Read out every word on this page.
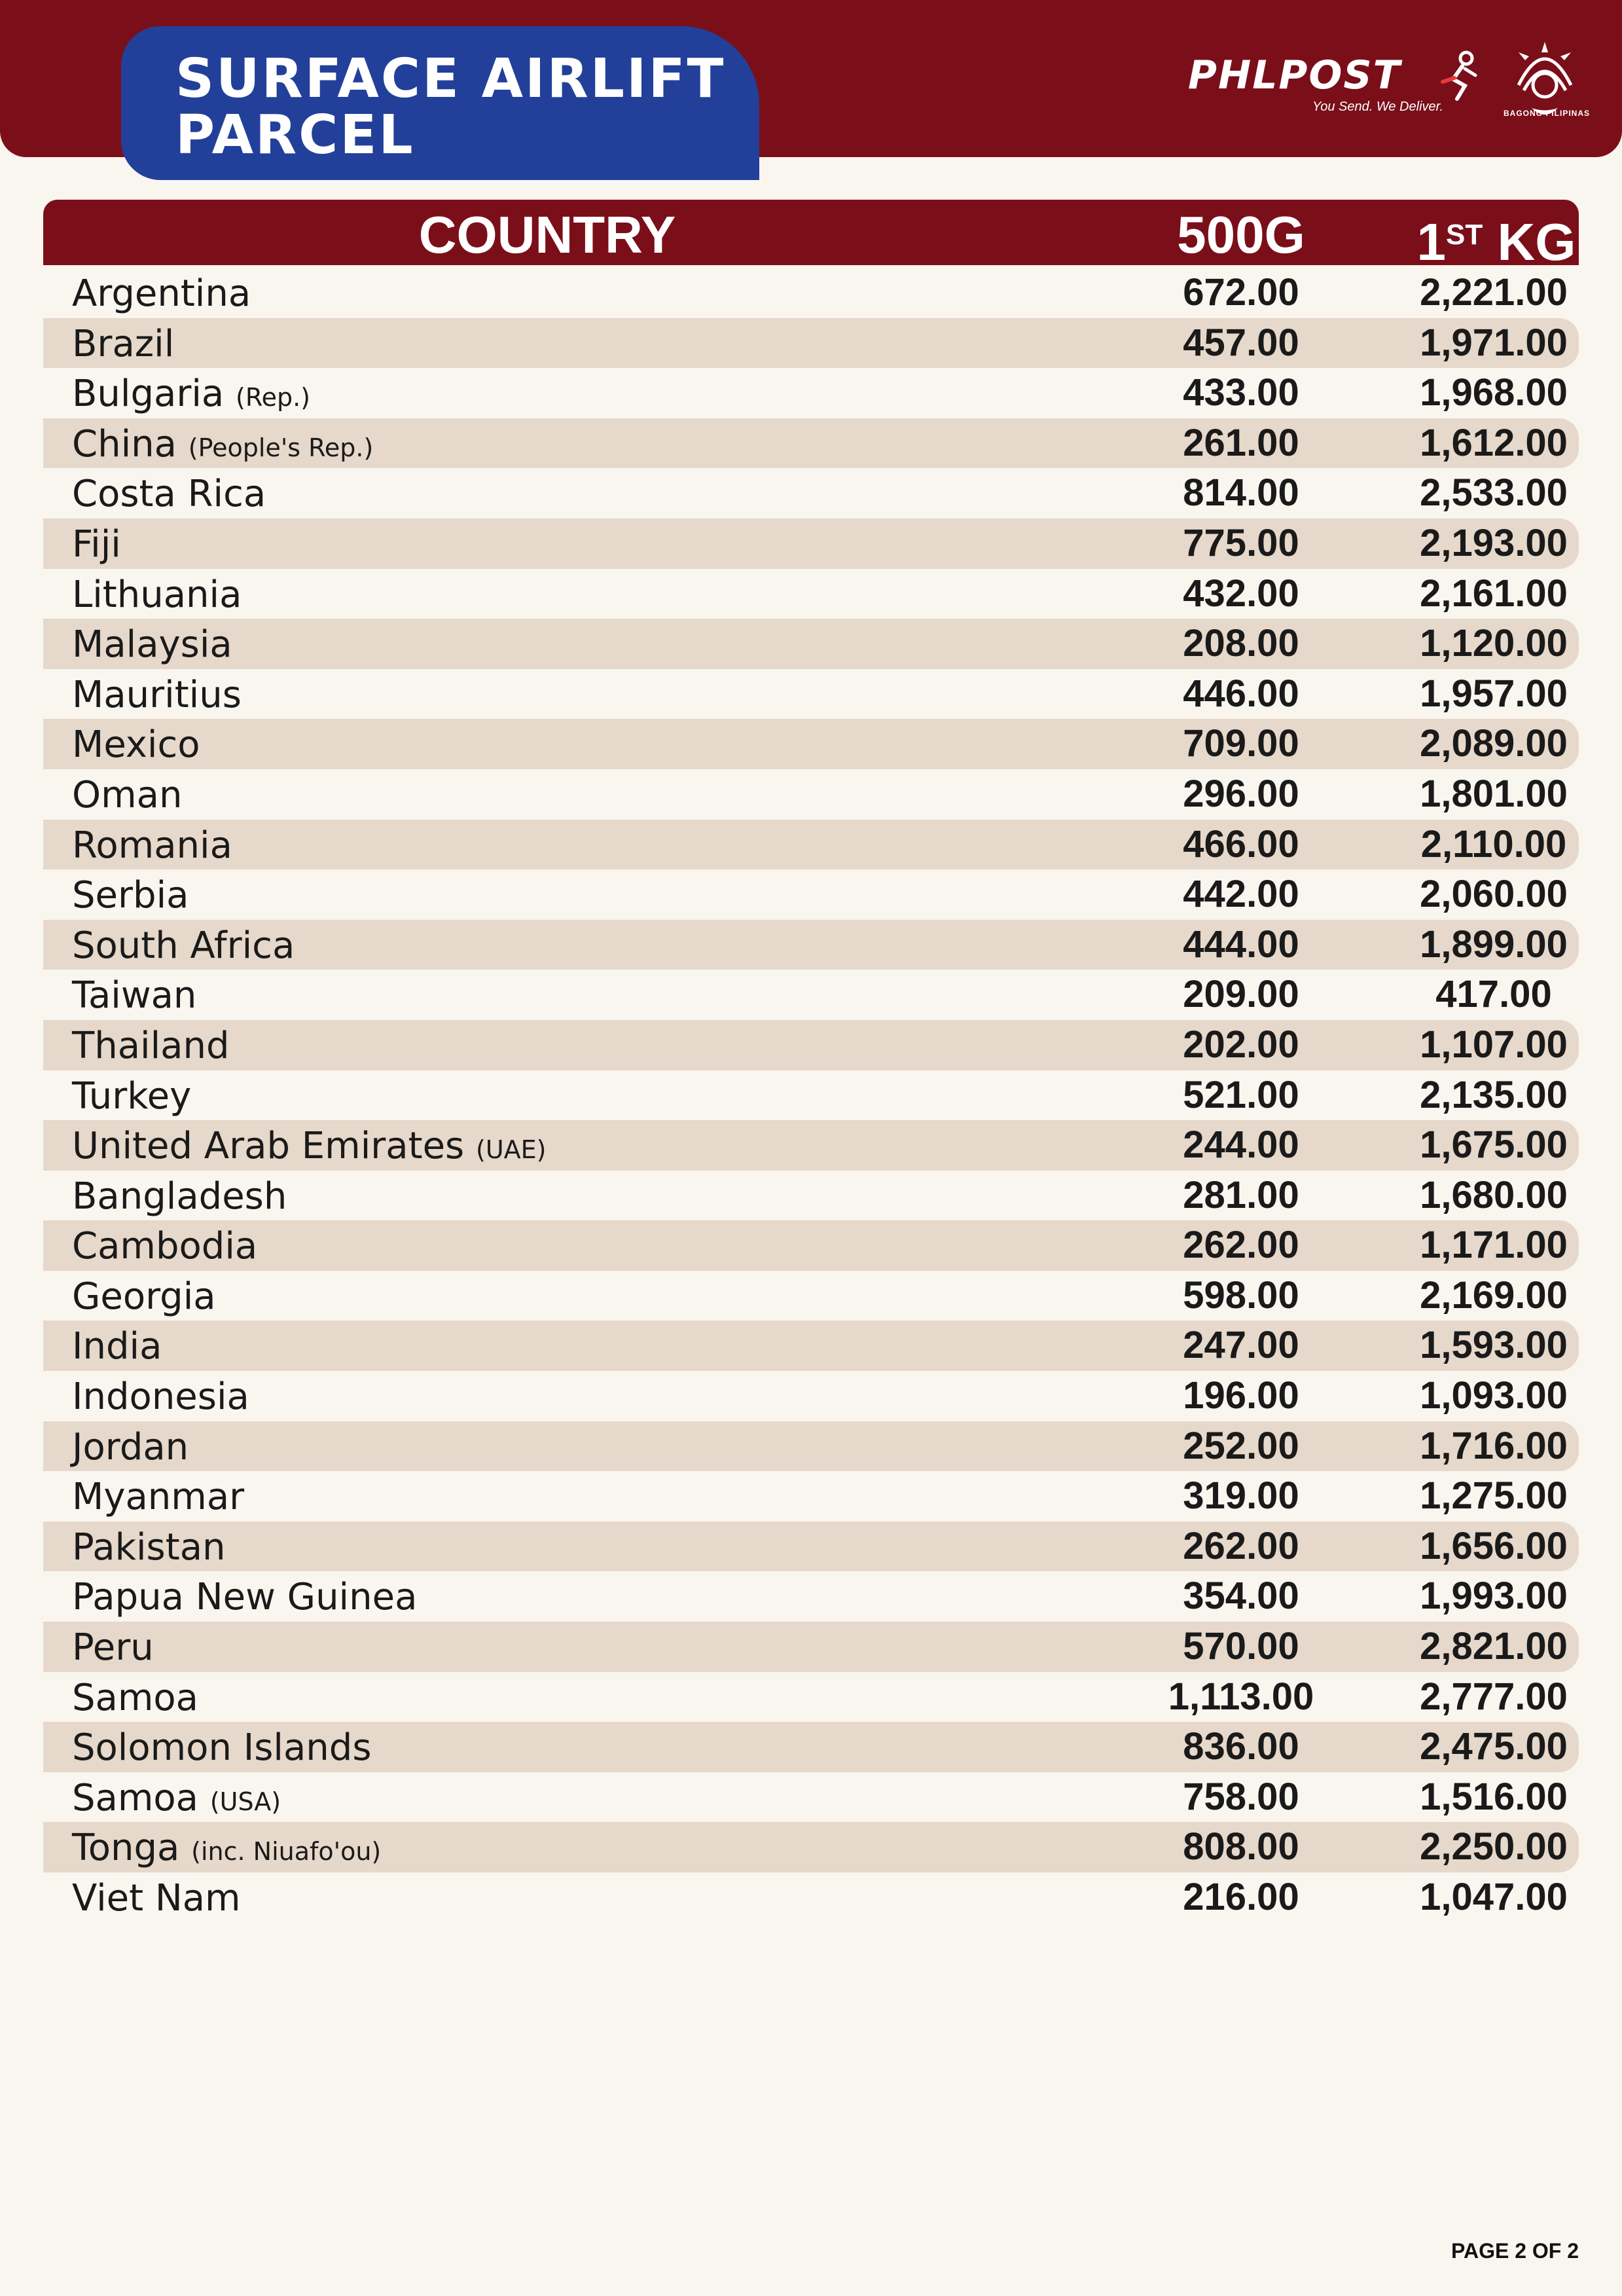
SURFACE AIRLIFT
PARCEL
PHLPOST
You Send. We Deliver.	BAGONG PILIPINAS
COUNTRY	500G	1ST KG
Argentina	672.00	2,221.00
Brazil	457.00	1,971.00
Bulgaria (Rep.)	433.00	1,968.00
China (People's Rep.)	261.00	1,612.00
Costa Rica	814.00	2,533.00
Fiji	775.00	2,193.00
Lithuania	432.00	2,161.00
Malaysia	208.00	1,120.00
Mauritius	446.00	1,957.00
Mexico	709.00	2,089.00
Oman	296.00	1,801.00
Romania	466.00	2,110.00
Serbia	442.00	2,060.00
South Africa	444.00	1,899.00
Taiwan	209.00	417.00
Thailand	202.00	1,107.00
Turkey	521.00	2,135.00
United Arab Emirates (UAE)	244.00	1,675.00
Bangladesh	281.00	1,680.00
Cambodia	262.00	1,171.00
Georgia	598.00	2,169.00
India	247.00	1,593.00
Indonesia	196.00	1,093.00
Jordan	252.00	1,716.00
Myanmar	319.00	1,275.00
Pakistan	262.00	1,656.00
Papua New Guinea	354.00	1,993.00
Peru	570.00	2,821.00
Samoa	1,113.00	2,777.00
Solomon Islands	836.00	2,475.00
Samoa (USA)	758.00	1,516.00
Tonga (inc. Niuafo'ou)	808.00	2,250.00
Viet Nam	216.00	1,047.00
PAGE 2 OF 2
